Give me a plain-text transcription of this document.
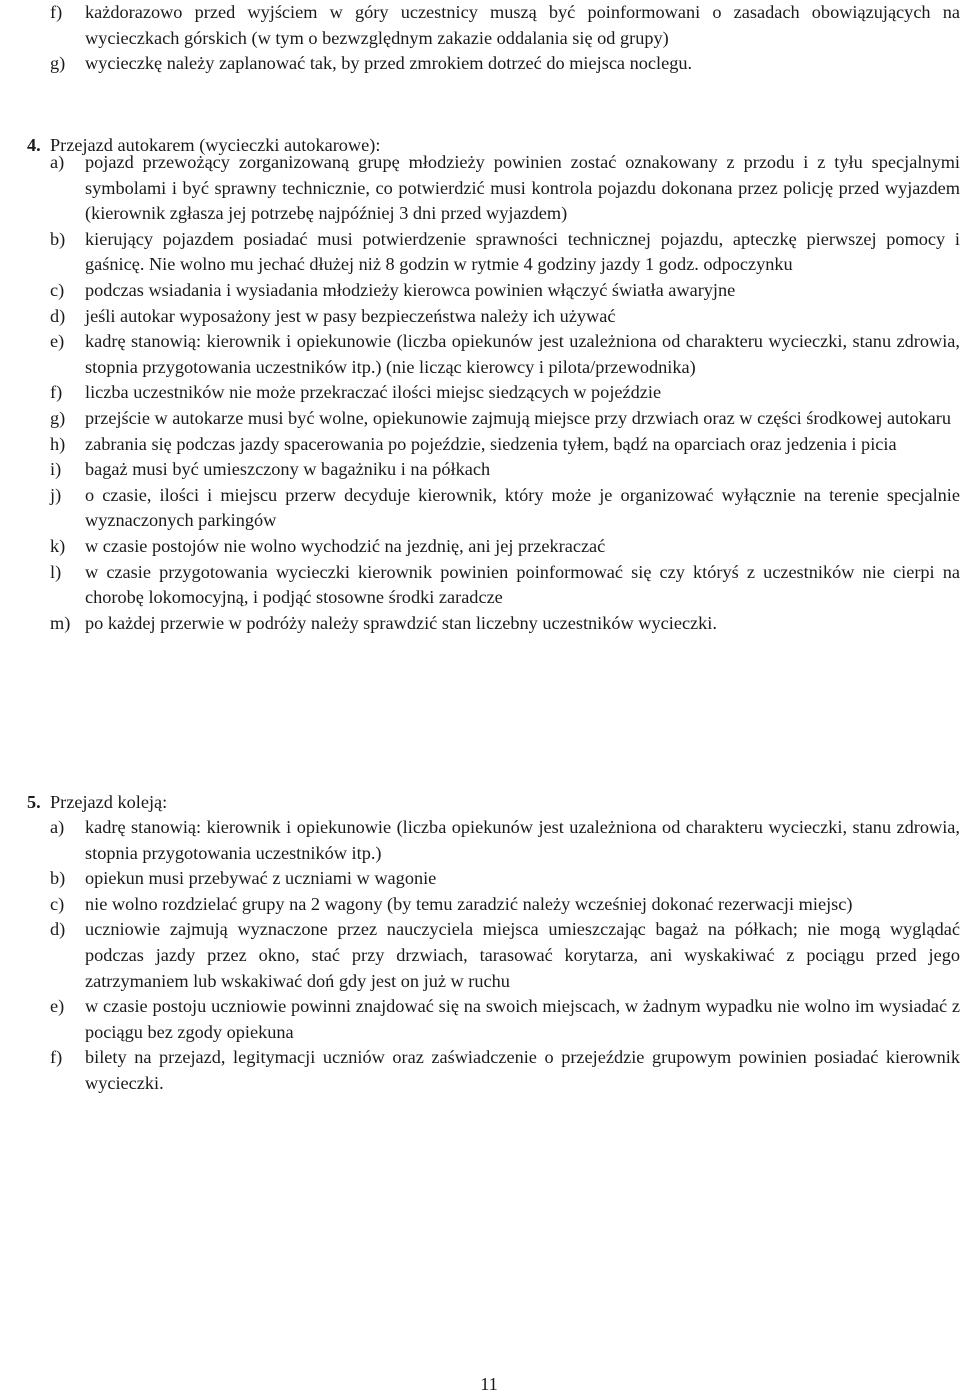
f) każdorazowo przed wyjściem w góry uczestnicy muszą być poinformowani o zasadach obowiązujących na wycieczkach górskich (w tym o bezwzględnym zakazie oddalania się od grupy)
g) wycieczkę należy zaplanować tak, by przed zmrokiem dotrzeć do miejsca noclegu.
4. Przejazd autokarem (wycieczki autokarowe):
a) pojazd przewożący zorganizowaną grupę młodzieży powinien zostać oznakowany z przodu i z tyłu specjalnymi symbolami i być sprawny technicznie, co potwierdzić musi kontrola pojazdu dokonana przez policję przed wyjazdem (kierownik zgłasza jej potrzebę najpóźniej 3 dni przed wyjazdem)
b) kierujący pojazdem posiadać musi potwierdzenie sprawności technicznej pojazdu, apteczkę pierwszej pomocy i gaśnicę. Nie wolno mu jechać dłużej niż 8 godzin w rytmie 4 godziny jazdy 1 godz. odpoczynku
c) podczas wsiadania i wysiadania młodzieży kierowca powinien włączyć światła awaryjne
d) jeśli autokar wyposażony jest w pasy bezpieczeństwa należy ich używać
e) kadrę stanowią: kierownik i opiekunowie (liczba opiekunów jest uzależniona od charakteru wycieczki, stanu zdrowia, stopnia przygotowania uczestników itp.) (nie licząc kierowcy i pilota/przewodnika)
f) liczba uczestników nie może przekraczać ilości miejsc siedzących w pojeździe
g) przejście w autokarze musi być wolne, opiekunowie zajmują miejsce przy drzwiach oraz w części środkowej autokaru
h) zabrania się podczas jazdy spacerowania po pojeździe, siedzenia tyłem, bądź na oparciach oraz jedzenia i picia
i) bagaż musi być umieszczony w bagażniku i na półkach
j) o czasie, ilości i miejscu przerw decyduje kierownik, który może je organizować wyłącznie na terenie specjalnie wyznaczonych parkingów
k) w czasie postojów nie wolno wychodzić na jezdnię, ani jej przekraczać
l) w czasie przygotowania wycieczki kierownik powinien poinformować się czy któryś z uczestników nie cierpi na chorobę lokomocyjną, i podjąć stosowne środki zaradcze
m) po każdej przerwie w podróży należy sprawdzić stan liczebny uczestników wycieczki.
5. Przejazd koleją:
a) kadrę stanowią: kierownik i opiekunowie (liczba opiekunów jest uzależniona od charakteru wycieczki, stanu zdrowia, stopnia przygotowania uczestników itp.)
b) opiekun musi przebywać z uczniami w wagonie
c) nie wolno rozdzielać grupy na 2 wagony (by temu zaradzić należy wcześniej dokonać rezerwacji miejsc)
d) uczniowie zajmują wyznaczone przez nauczyciela miejsca umieszczając bagaż na półkach; nie mogą wyglądać podczas jazdy przez okno, stać przy drzwiach, tarasować korytarza, ani wyskakiwać z pociągu przed jego zatrzymaniem lub wskakiwać doń gdy jest on już w ruchu
e) w czasie postoju uczniowie powinni znajdować się na swoich miejscach, w żadnym wypadku nie wolno im wysiadać z pociągu bez zgody opiekuna
f) bilety na przejazd, legitymacji uczniów oraz zaświadczenie o przejeździe grupowym powinien posiadać kierownik wycieczki.
11
